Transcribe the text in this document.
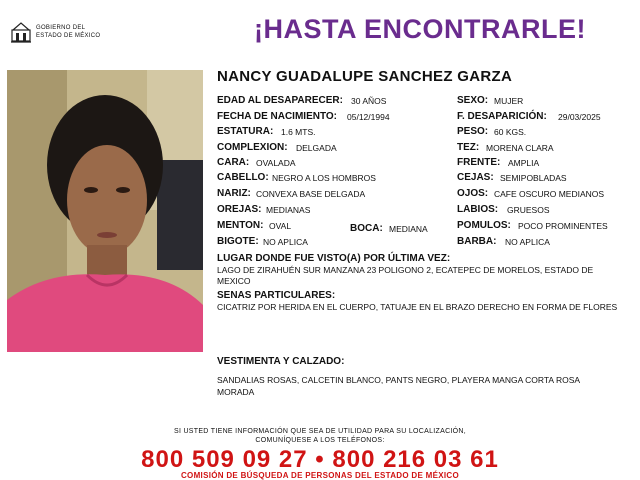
GOBIERNO DEL
ESTADO DE MÉXICO	¡HASTA ENCONTRARLE!
NANCY GUADALUPE SANCHEZ GARZA
EDAD AL DESAPARECER: 30 AÑOS
FECHA DE NACIMIENTO: 05/12/1994
ESTATURA: 1.6 MTS.
COMPLEXION: DELGADA
CARA: OVALADA
CABELLO: NEGRO A LOS HOMBROS
NARIZ: CONVEXA BASE DELGADA
OREJAS: MEDIANAS
MENTON: OVAL	BOCA: MEDIANA
BIGOTE: NO APLICA
SEXO: MUJER
F. DESAPARICIÓN: 29/03/2025
PESO: 60 KGS.
TEZ: MORENA CLARA
FRENTE: AMPLIA
CEJAS: SEMIPOBLADAS
OJOS: CAFE OSCURO MEDIANOS
LABIOS: GRUESOS
POMULOS: POCO PROMINENTES
BARBA: NO APLICA
LUGAR DONDE FUE VISTO(A) POR ÚLTIMA VEZ:
LAGO DE ZIRAHUÉN SUR MANZANA 23 POLIGONO 2, ECATEPEC DE MORELOS, ESTADO DE MEXICO
SENAS PARTICULARES:
CICATRIZ POR HERIDA EN EL CUERPO, TATUAJE EN EL BRAZO DERECHO EN FORMA DE FLORES
VESTIMENTA Y CALZADO:
SANDALIAS ROSAS, CALCETIN BLANCO, PANTS NEGRO, PLAYERA MANGA CORTA ROSA MORADA
SI USTED TIENE INFORMACIÓN QUE SEA DE UTILIDAD PARA SU LOCALIZACIÓN,
COMUNÍQUESE A LOS TELÉFONOS:
800 509 09 27 • 800 216 03 61
COMISIÓN DE BÚSQUEDA DE PERSONAS DEL ESTADO DE MÉXICO
